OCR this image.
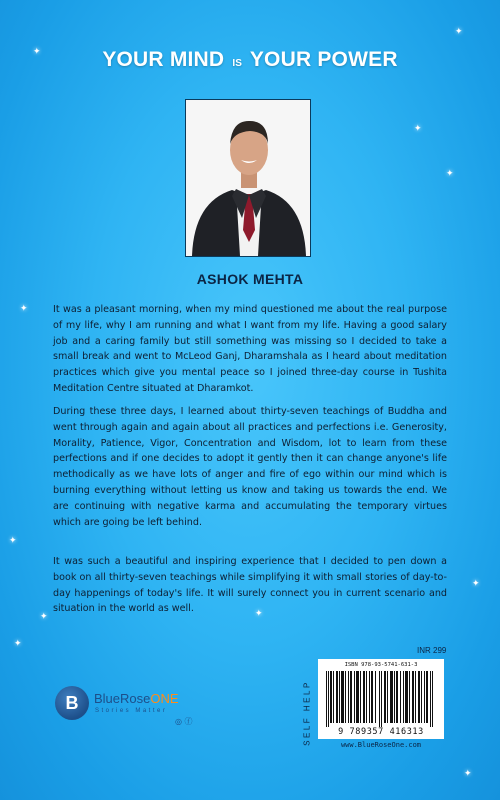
✦
✦
✦
✦
✦
✦
✦
✦
✦
✦
✦
YOUR MIND IS YOUR POWER
ASHOK MEHTA

It was a pleasant morning, when my mind questioned me about the real purpose of my life, why I am running and what I want from my life. Having a good salary job and a caring family but still something was missing so I decided to take a small break and went to McLeod Ganj, Dharamshala as I heard about meditation practices which give you mental peace so I joined three-day course in Tushita Meditation Centre situated at Dharamkot.

During these three days, I learned about thirty-seven teachings of Buddha and went through again and again about all practices and perfections i.e. Generosity, Morality, Patience, Vigor, Concentration and Wisdom, lot to learn from these perfections and if one decides to adopt it gently then it can change anyone's life methodically as we have lots of anger and fire of ego within our mind which is burning everything without letting us know and taking us towards the end. We are continuing with negative karma and accumulating the temporary virtues which are going be left behind.

It was such a beautiful and inspiring experience that I decided to pen down a book on all thirty-seven teachings while simplifying it with small stories of day-to-day happenings of today's life. It will surely connect you in current scenario and situation in the world as well.

B	BlueRoseONE
Stories Matter
◎ ⓕ
INR 299
SELF HELP
ISBN 978-93-5741-631-3
9 789357 416313
www.BlueRoseOne.com
